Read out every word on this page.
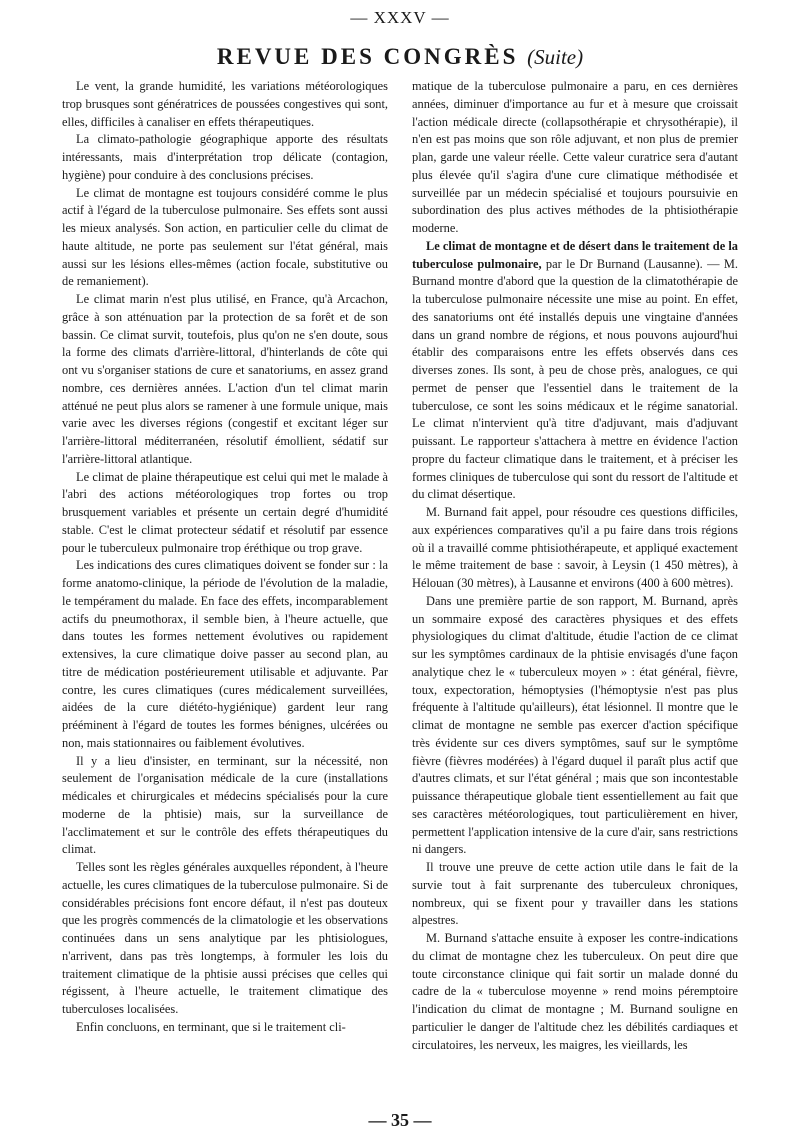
— XXXV —
REVUE DES CONGRÈS (Suite)

Le vent, la grande humidité, les variations météorologiques trop brusques sont génératrices de poussées congestives qui sont, elles, difficiles à canaliser en effets thérapeutiques.

La climato-pathologie géographique apporte des résultats intéressants, mais d'interprétation trop délicate (contagion, hygiène) pour conduire à des conclusions précises.

Le climat de montagne est toujours considéré comme le plus actif à l'égard de la tuberculose pulmonaire. Ses effets sont aussi les mieux analysés. Son action, en particulier celle du climat de haute altitude, ne porte pas seulement sur l'état général, mais aussi sur les lésions elles-mêmes (action focale, substitutive ou de remaniement).

Le climat marin n'est plus utilisé, en France, qu'à Arcachon, grâce à son atténuation par la protection de sa forêt et de son bassin. Ce climat survit, toutefois, plus qu'on ne s'en doute, sous la forme des climats d'arrière-littoral, d'hinterlands de côte qui ont vu s'organiser stations de cure et sanatoriums, en assez grand nombre, ces dernières années. L'action d'un tel climat marin atténué ne peut plus alors se ramener à une formule unique, mais varie avec les diverses régions (congestif et excitant léger sur l'arrière-littoral méditerranéen, résolutif émollient, sédatif sur l'arrière-littoral atlantique.

Le climat de plaine thérapeutique est celui qui met le malade à l'abri des actions météorologiques trop fortes ou trop brusquement variables et présente un certain degré d'humidité stable. C'est le climat protecteur sédatif et résolutif par essence pour le tuberculeux pulmonaire trop éréthique ou trop grave.

Les indications des cures climatiques doivent se fonder sur : la forme anatomo-clinique, la période de l'évolution de la maladie, le tempérament du malade. En face des effets, incomparablement actifs du pneumothorax, il semble bien, à l'heure actuelle, que dans toutes les formes nettement évolutives ou rapidement extensives, la cure climatique doive passer au second plan, au titre de médication postérieurement utilisable et adjuvante. Par contre, les cures climatiques (cures médicalement surveillées, aidées de la cure diététo-hygiénique) gardent leur rang prééminent à l'égard de toutes les formes bénignes, ulcérées ou non, mais stationnaires ou faiblement évolutives.

Il y a lieu d'insister, en terminant, sur la nécessité, non seulement de l'organisation médicale de la cure (installations médicales et chirurgicales et médecins spécialisés pour la cure moderne de la phtisie) mais, sur la surveillance de l'acclimatement et sur le contrôle des effets thérapeutiques du climat.

Telles sont les règles générales auxquelles répondent, à l'heure actuelle, les cures climatiques de la tuberculose pulmonaire. Si de considérables précisions font encore défaut, il n'est pas douteux que les progrès commencés de la climatologie et les observations continuées dans un sens analytique par les phtisiologues, n'arrivent, dans pas très longtemps, à formuler les lois du traitement climatique de la phtisie aussi précises que celles qui régissent, à l'heure actuelle, le traitement climatique des tuberculoses localisées.

Enfin concluons, en terminant, que si le traitement cli-

matique de la tuberculose pulmonaire a paru, en ces dernières années, diminuer d'importance au fur et à mesure que croissait l'action médicale directe (collapsothérapie et chrysothérapie), il n'en est pas moins que son rôle adjuvant, et non plus de premier plan, garde une valeur réelle. Cette valeur curatrice sera d'autant plus élevée qu'il s'agira d'une cure climatique méthodisée et surveillée par un médecin spécialisé et toujours poursuivie en subordination des plus actives méthodes de la phtisiothérapie moderne.

Le climat de montagne et de désert dans le traitement de la tuberculose pulmonaire, par le Dr Burnand (Lausanne). — M. Burnand montre d'abord que la question de la climatothérapie de la tuberculose pulmonaire nécessite une mise au point. En effet, des sanatoriums ont été installés depuis une vingtaine d'années dans un grand nombre de régions, et nous pouvons aujourd'hui établir des comparaisons entre les effets observés dans ces diverses zones. Ils sont, à peu de chose près, analogues, ce qui permet de penser que l'essentiel dans le traitement de la tuberculose, ce sont les soins médicaux et le régime sanatorial. Le climat n'intervient qu'à titre d'adjuvant, mais d'adjuvant puissant. Le rapporteur s'attachera à mettre en évidence l'action propre du facteur climatique dans le traitement, et à préciser les formes cliniques de tuberculose qui sont du ressort de l'altitude et du climat désertique.

M. Burnand fait appel, pour résoudre ces questions difficiles, aux expériences comparatives qu'il a pu faire dans trois régions où il a travaillé comme phtisiothérapeute, et appliqué exactement le même traitement de base : savoir, à Leysin (1 450 mètres), à Hélouan (30 mètres), à Lausanne et environs (400 à 600 mètres).

Dans une première partie de son rapport, M. Burnand, après un sommaire exposé des caractères physiques et des effets physiologiques du climat d'altitude, étudie l'action de ce climat sur les symptômes cardinaux de la phtisie envisagés d'une façon analytique chez le « tuberculeux moyen » : état général, fièvre, toux, expectoration, hémoptysies (l'hémoptysie n'est pas plus fréquente à l'altitude qu'ailleurs), état lésionnel. Il montre que le climat de montagne ne semble pas exercer d'action spécifique très évidente sur ces divers symptômes, sauf sur le symptôme fièvre (fièvres modérées) à l'égard duquel il paraît plus actif que d'autres climats, et sur l'état général ; mais que son incontestable puissance thérapeutique globale tient essentiellement au fait que ses caractères météorologiques, tout particulièrement en hiver, permettent l'application intensive de la cure d'air, sans restrictions ni dangers.

Il trouve une preuve de cette action utile dans le fait de la survie tout à fait surprenante des tuberculeux chroniques, nombreux, qui se fixent pour y travailler dans les stations alpestres.

M. Burnand s'attache ensuite à exposer les contre-indications du climat de montagne chez les tuberculeux. On peut dire que toute circonstance clinique qui fait sortir un malade donné du cadre de la « tuberculose moyenne » rend moins péremptoire l'indication du climat de montagne ; M. Burnand souligne en particulier le danger de l'altitude chez les débilités cardiaques et circulatoires, les nerveux, les maigres, les vieillards, les

— 35 —
